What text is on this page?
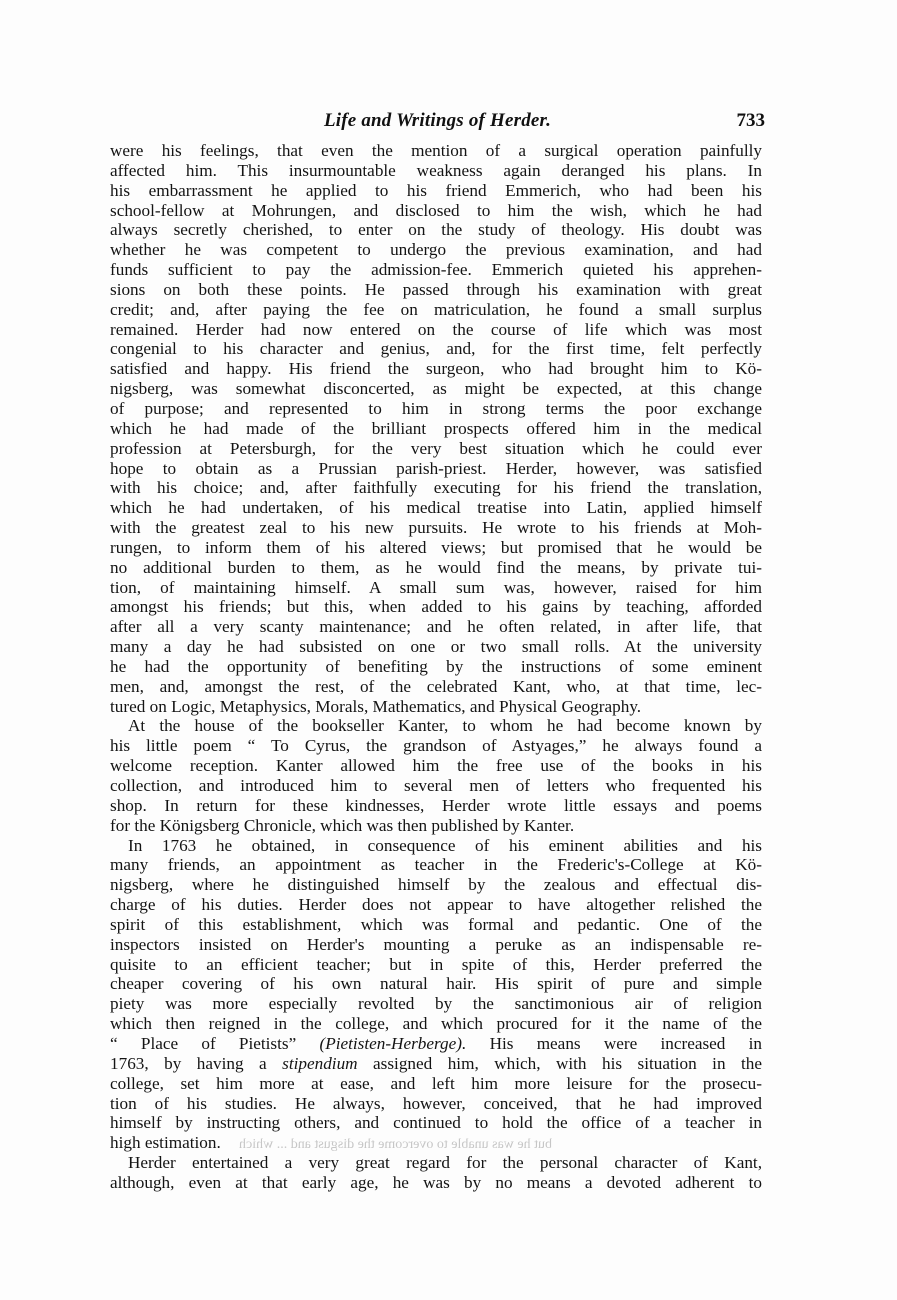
Life and Writings of Herder.	733
were his feelings, that even the mention of a surgical operation painfully
affected him. This insurmountable weakness again deranged his plans. In
his embarrassment he applied to his friend Emmerich, who had been his
school-fellow at Mohrungen, and disclosed to him the wish, which he had
always secretly cherished, to enter on the study of theology. His doubt was
whether he was competent to undergo the previous examination, and had
funds sufficient to pay the admission-fee. Emmerich quieted his apprehen-
sions on both these points. He passed through his examination with great
credit; and, after paying the fee on matriculation, he found a small surplus
remained. Herder had now entered on the course of life which was most
congenial to his character and genius, and, for the first time, felt perfectly
satisfied and happy. His friend the surgeon, who had brought him to Kö-
nigsberg, was somewhat disconcerted, as might be expected, at this change
of purpose; and represented to him in strong terms the poor exchange
which he had made of the brilliant prospects offered him in the medical
profession at Petersburgh, for the very best situation which he could ever
hope to obtain as a Prussian parish-priest. Herder, however, was satisfied
with his choice; and, after faithfully executing for his friend the translation,
which he had undertaken, of his medical treatise into Latin, applied himself
with the greatest zeal to his new pursuits. He wrote to his friends at Moh-
rungen, to inform them of his altered views; but promised that he would be
no additional burden to them, as he would find the means, by private tui-
tion, of maintaining himself. A small sum was, however, raised for him
amongst his friends; but this, when added to his gains by teaching, afforded
after all a very scanty maintenance; and he often related, in after life, that
many a day he had subsisted on one or two small rolls. At the university
he had the opportunity of benefiting by the instructions of some eminent
men, and, amongst the rest, of the celebrated Kant, who, at that time, lec-
tured on Logic, Metaphysics, Morals, Mathematics, and Physical Geography.
At the house of the bookseller Kanter, to whom he had become known by
his little poem “ To Cyrus, the grandson of Astyages,” he always found a
welcome reception. Kanter allowed him the free use of the books in his
collection, and introduced him to several men of letters who frequented his
shop. In return for these kindnesses, Herder wrote little essays and poems
for the Königsberg Chronicle, which was then published by Kanter.
In 1763 he obtained, in consequence of his eminent abilities and his
many friends, an appointment as teacher in the Frederic's-College at Kö-
nigsberg, where he distinguished himself by the zealous and effectual dis-
charge of his duties. Herder does not appear to have altogether relished the
spirit of this establishment, which was formal and pedantic. One of the
inspectors insisted on Herder's mounting a peruke as an indispensable re-
quisite to an efficient teacher; but in spite of this, Herder preferred the
cheaper covering of his own natural hair. His spirit of pure and simple
piety was more especially revolted by the sanctimonious air of religion
which then reigned in the college, and which procured for it the name of the
“ Place of Pietists” (Pietisten-Herberge). His means were increased in
1763, by having a stipendium assigned him, which, with his situation in the
college, set him more at ease, and left him more leisure for the prosecu-
tion of his studies. He always, however, conceived, that he had improved
himself by instructing others, and continued to hold the office of a teacher in
high estimation. but he was unable to overcome the disgust and ... which
Herder entertained a very great regard for the personal character of Kant,
although, even at that early age, he was by no means a devoted adherent to
